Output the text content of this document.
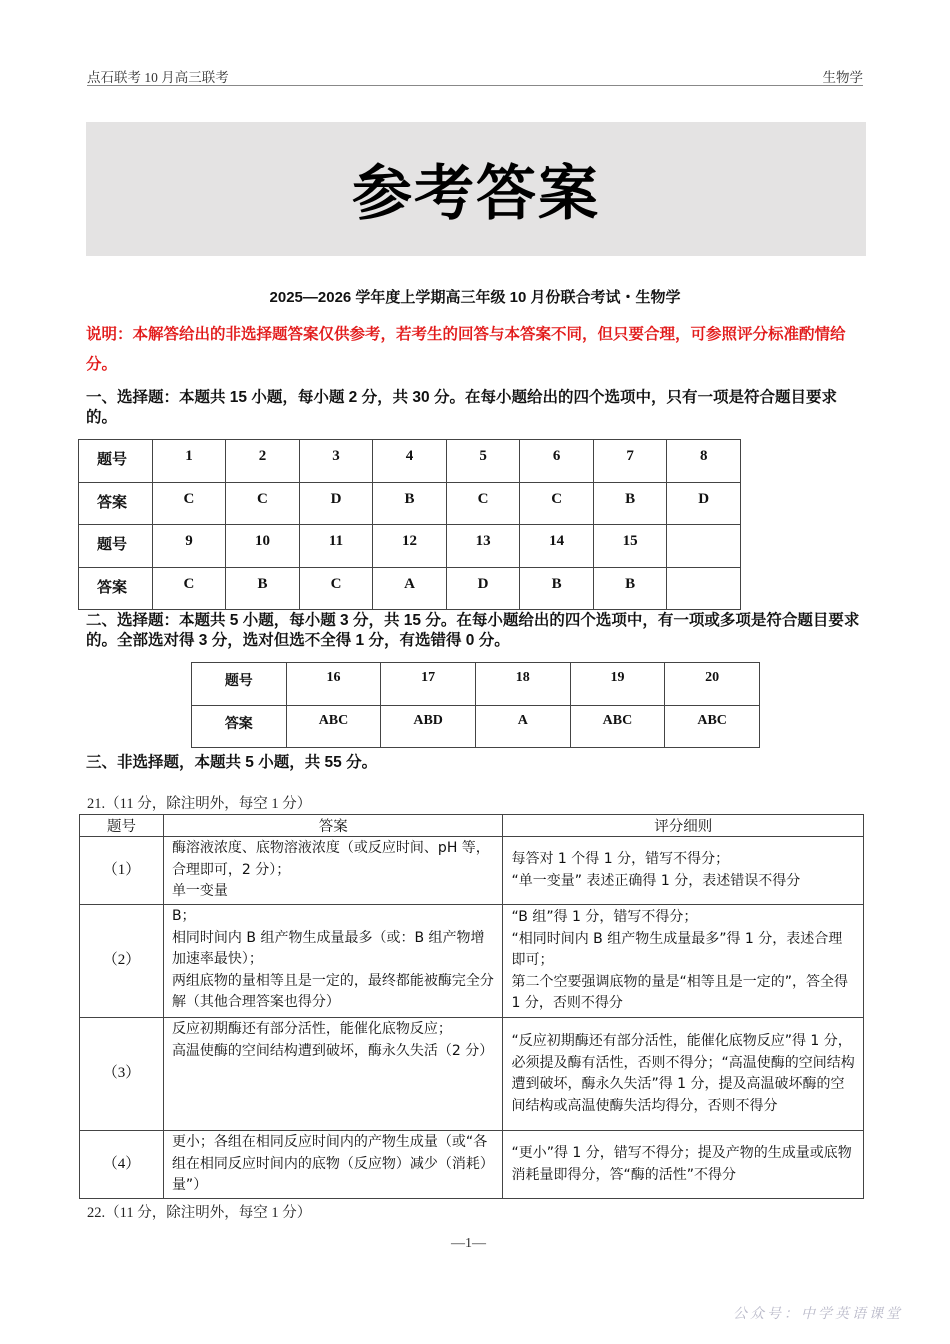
点石联考 10 月高三联考	生物学
参考答案
2025—2026 学年度上学期高三年级 10 月份联合考试・生物学
说明：本解答给出的非选择题答案仅供参考，若考生的回答与本答案不同，但只要合理，可参照评分标准酌情给分。
一、选择题：本题共 15 小题，每小题 2 分，共 30 分。在每小题给出的四个选项中，只有一项是符合题目要求的。
题号	1	2	3	4	5	6	7	8
答案	C	C	D	B	C	C	B	D
题号	9	10	11	12	13	14	15	
答案	C	B	C	A	D	B	B	
二、选择题：本题共 5 小题，每小题 3 分，共 15 分。在每小题给出的四个选项中，有一项或多项是符合题目要求的。全部选对得 3 分，选对但选不全得 1 分，有选错得 0 分。
题号	16	17	18	19	20
答案	ABC	ABD	A	ABC	ABC
三、非选择题，本题共 5 小题，共 55 分。
21.（11 分，除注明外，每空 1 分）
题号	答案	评分细则
（1）	酶溶液浓度、底物溶液浓度（或反应时间、pH 等，合理即可，2 分）；
单一变量	每答对 1 个得 1 分，错写不得分；
“单一变量” 表述正确得 1 分，表述错误不得分

（2）	B；
相同时间内 B 组产物生成量最多（或：B 组产物增加速率最快）；
两组底物的量相等且是一定的，最终都能被酶完全分解（其他合理答案也得分）	“B 组”得 1 分，错写不得分；
“相同时间内 B 组产物生成量最多”得 1 分，表述合理即可；
第二个空要强调底物的量是“相等且是一定的”，答全得 1 分，否则不得分

（3）	反应初期酶还有部分活性，能催化底物反应；
高温使酶的空间结构遭到破坏，酶永久失活（2 分）	“反应初期酶还有部分活性，能催化底物反应”得 1 分，必须提及酶有活性，否则不得分；“高温使酶的空间结构遭到破坏，酶永久失活”得 1 分，提及高温破坏酶的空间结构或高温使酶失活均得分，否则不得分

（4）	更小；各组在相同反应时间内的产物生成量（或“各组在相同反应时间内的底物（反应物）减少（消耗）量”）	“更小”得 1 分，错写不得分；提及产物的生成量或底物消耗量即得分，答“酶的活性”不得分
22.（11 分，除注明外，每空 1 分）
—1—
公众号：中学英语课堂
